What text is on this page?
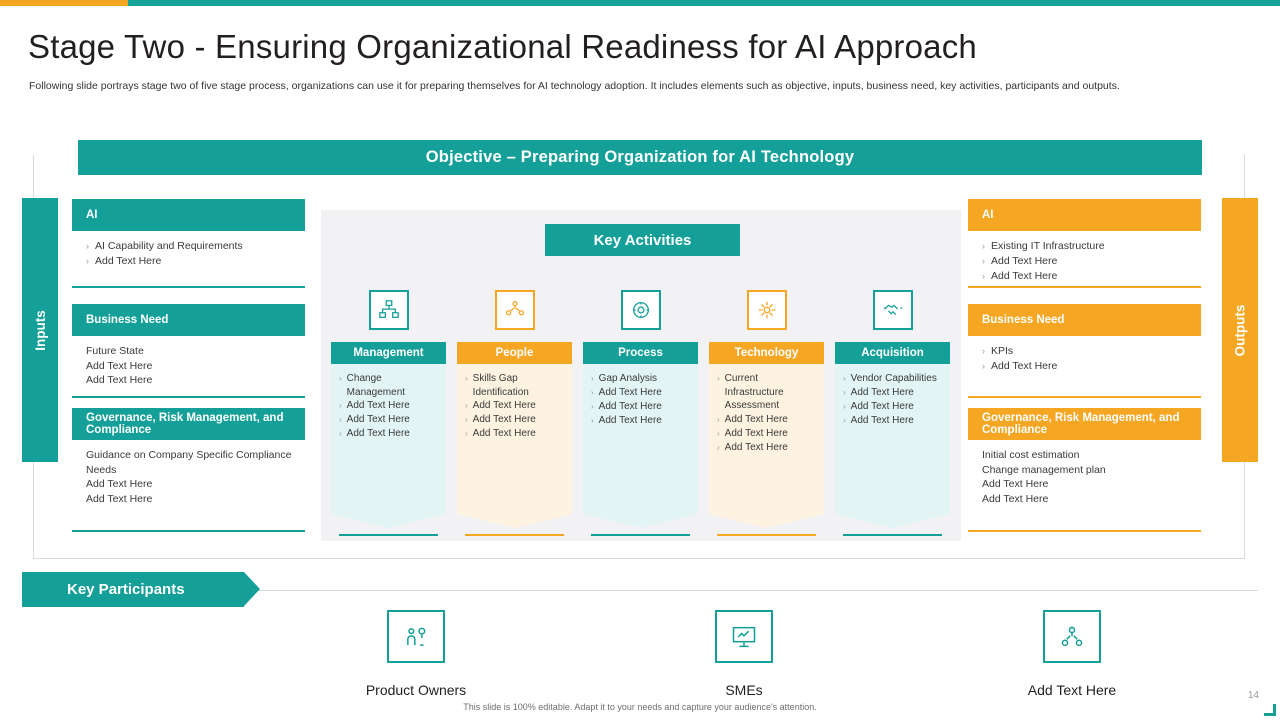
Stage Two - Ensuring Organizational Readiness for AI Approach
Following slide portrays stage two of five stage process, organizations can use it for preparing themselves for AI technology adoption. It includes elements such as objective, inputs, business need, key activities, participants and outputs.
Objective – Preparing Organization for AI Technology
Inputs	Outputs
AI
› AI Capability and Requirements
› Add Text Here
Business Need
Future State
Add Text Here
Add Text Here
Governance, Risk Management, and Compliance
Guidance on Company Specific Compliance Needs
Add Text Here
Add Text Here
AI
› Existing IT Infrastructure
› Add Text Here
› Add Text Here
Business Need
› KPIs
› Add Text Here
Governance, Risk Management, and Compliance
Initial cost estimation
Change management plan
Add Text Here
Add Text Here
Key Activities
Management
› Change Management
› Add Text Here
› Add Text Here
› Add Text Here
People
› Skills Gap Identification
› Add Text Here
› Add Text Here
› Add Text Here
Process
› Gap Analysis
› Add Text Here
› Add Text Here
› Add Text Here
Technology
› Current Infrastructure Assessment
› Add Text Here
› Add Text Here
› Add Text Here
Acquisition
› Vendor Capabilities
› Add Text Here
› Add Text Here
› Add Text Here
Key Participants
Product Owners	SMEs	Add Text Here
This slide is 100% editable. Adapt it to your needs and capture your audience's attention.
14
